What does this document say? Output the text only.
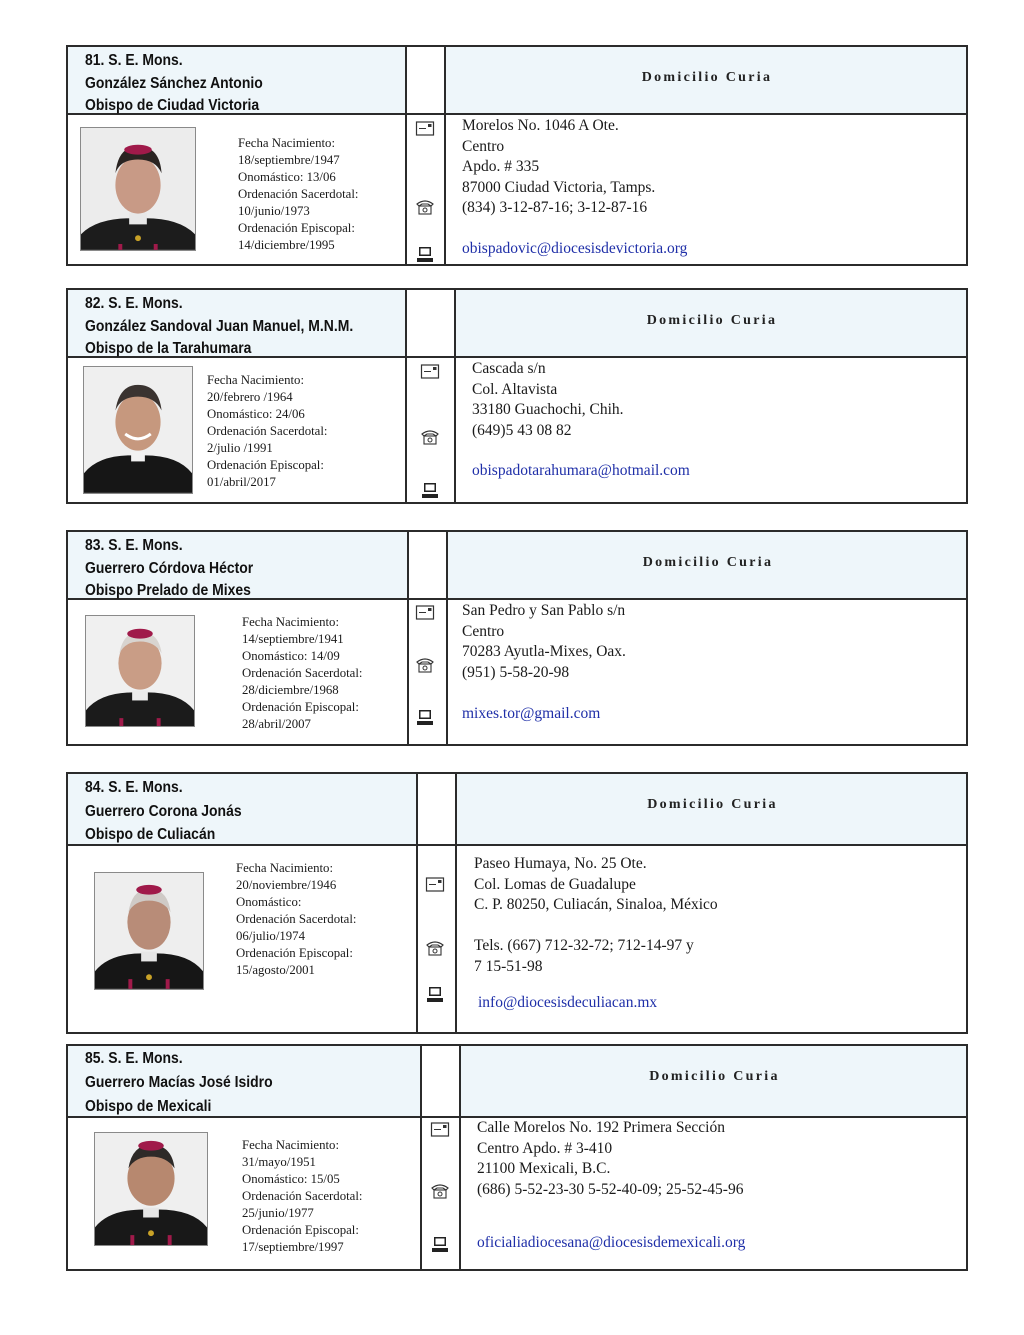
81. S. E. Mons.
González Sánchez Antonio
Obispo de Ciudad Victoria
Domicilio Curia
Fecha Nacimiento:
18/septiembre/1947
Onomástico: 13/06
Ordenación Sacerdotal:
10/junio/1973
Ordenación Episcopal:
14/diciembre/1995
Morelos No. 1046 A Ote.
Centro
Apdo. # 335
87000 Ciudad Victoria, Tamps.
(834) 3-12-87-16; 3-12-87-16
obispadovic@diocesisdevictoria.org
82. S. E. Mons.
González Sandoval Juan Manuel, M.N.M.
Obispo de la Tarahumara
Domicilio Curia
Fecha Nacimiento:
20/febrero /1964
Onomástico: 24/06
Ordenación Sacerdotal:
2/julio /1991
Ordenación Episcopal:
01/abril/2017
Cascada s/n
Col. Altavista
33180 Guachochi, Chih.
(649)5 43 08 82
obispadotarahumara@hotmail.com
83. S. E. Mons.
Guerrero Córdova Héctor
Obispo Prelado de Mixes
Domicilio Curia
Fecha Nacimiento:
14/septiembre/1941
Onomástico: 14/09
Ordenación Sacerdotal:
28/diciembre/1968
Ordenación Episcopal:
28/abril/2007
San Pedro y San Pablo s/n
Centro
70283 Ayutla-Mixes, Oax.
(951) 5-58-20-98
mixes.tor@gmail.com
84. S. E. Mons.
Guerrero Corona Jonás
Obispo de Culiacán
Domicilio Curia
Fecha Nacimiento:
20/noviembre/1946
Onomástico:
Ordenación Sacerdotal:
06/julio/1974
Ordenación Episcopal:
15/agosto/2001
Paseo Humaya, No. 25 Ote.
Col. Lomas de Guadalupe
C. P. 80250, Culiacán, Sinaloa, México
Tels. (667) 712-32-72; 712-14-97 y
7 15-51-98
info@diocesisdeculiacan.mx
85. S. E. Mons.
Guerrero Macías José Isidro
Obispo de Mexicali
Domicilio Curia
Fecha Nacimiento:
31/mayo/1951
Onomástico: 15/05
Ordenación Sacerdotal:
25/junio/1977
Ordenación Episcopal:
17/septiembre/1997
Calle Morelos No. 192 Primera Sección
Centro Apdo. # 3-410
21100 Mexicali, B.C.
(686) 5-52-23-30 5-52-40-09; 25-52-45-96
oficialiadiocesana@diocesisdemexicali.org
